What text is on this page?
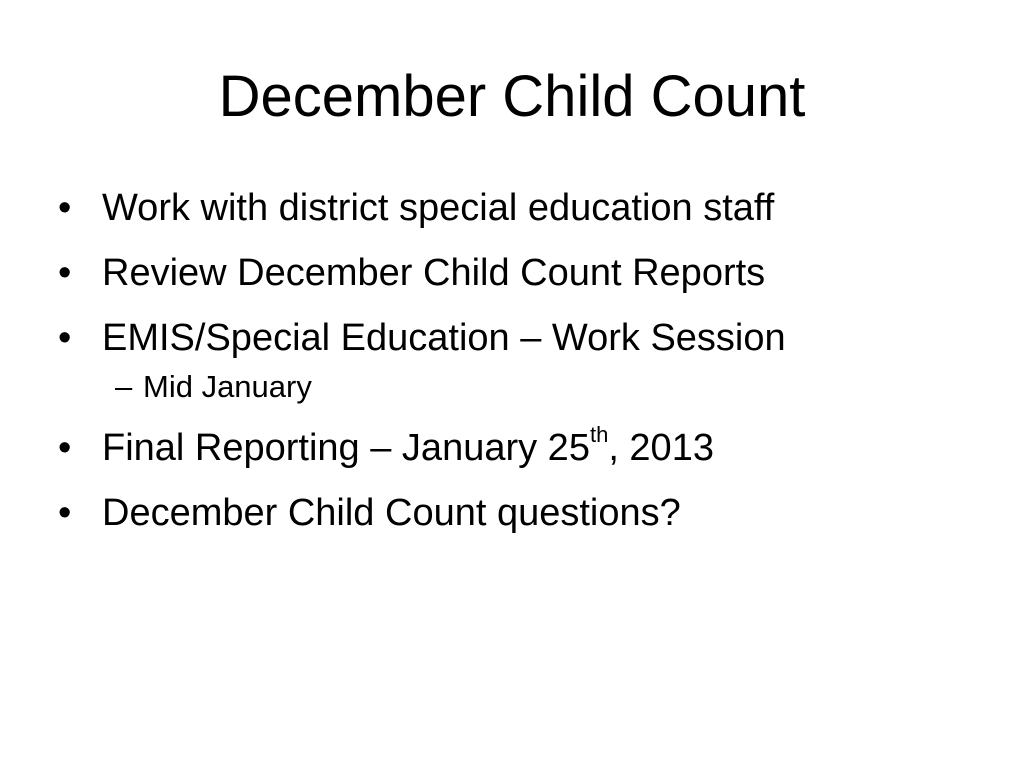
December Child Count
• Work with district special education staff
• Review December Child Count Reports
• EMIS/Special Education – Work Session
– Mid January
• Final Reporting – January 25th, 2013
• December Child Count questions?
